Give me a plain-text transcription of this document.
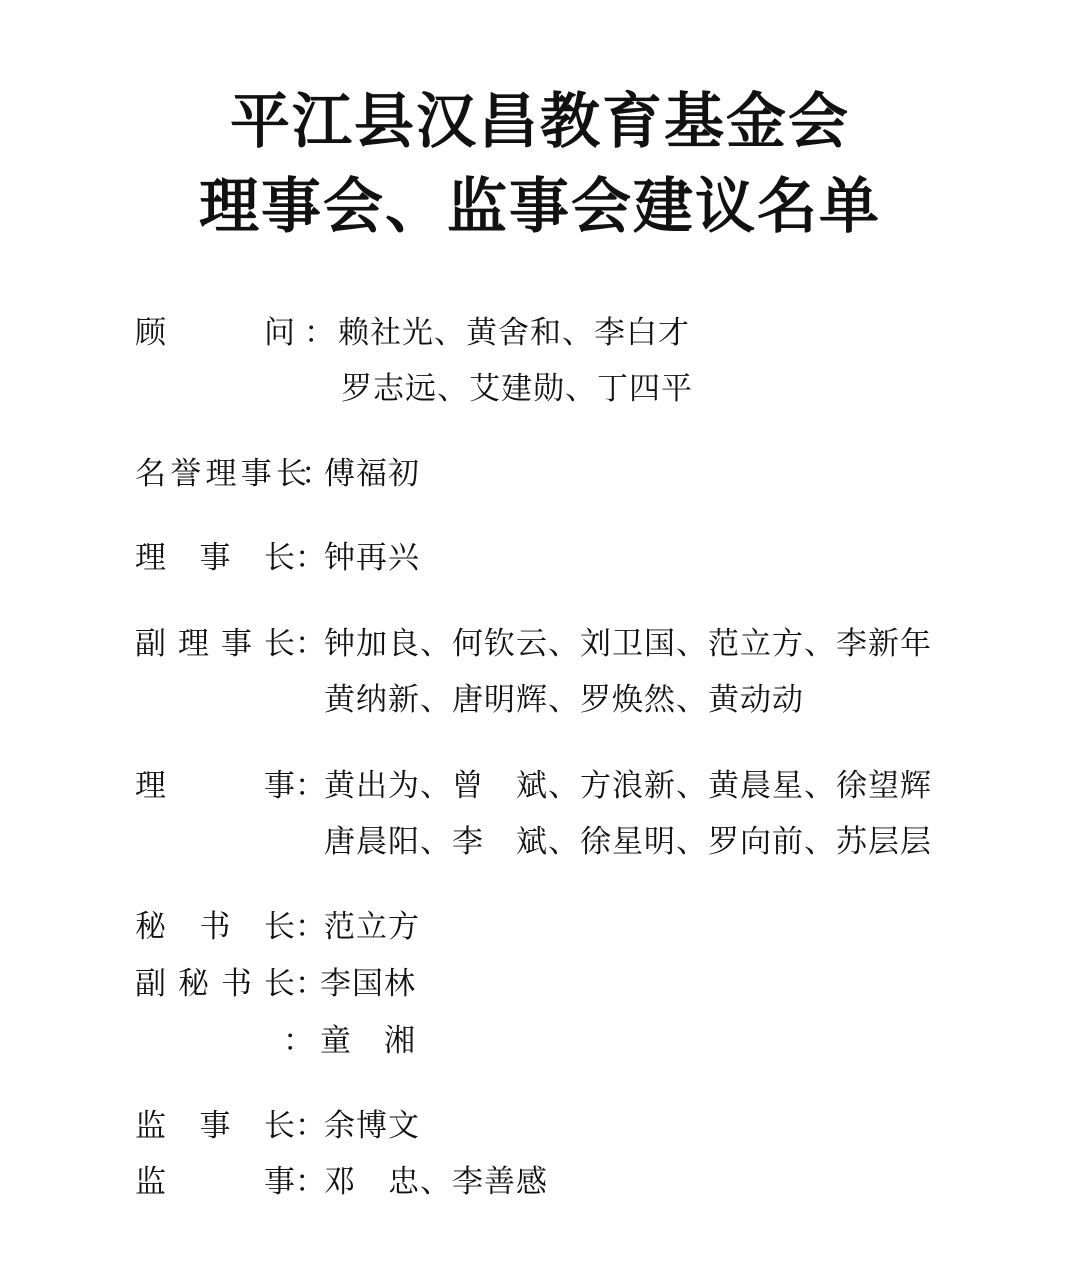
平江县汉昌教育基金会
理事会、监事会建议名单
顾问 ： 赖社光、黄舍和、李白才
罗志远、艾建勋、丁四平
名誉理事长
：
傅福初
理事长 ：
钟再兴
副理事长 ：
钟加良、何钦云、刘卫国、范立方、李新年
黄纳新、唐明辉、罗焕然、黄动动
理事 ：
黄出为、曾　斌、方浪新、黄晨星、徐望辉
唐晨阳、李　斌、徐星明、罗向前、苏层层
秘书长 ：
范立方
副秘书长 ：
李国林
： 童　湘
监事长 ：
余博文
监事 ：
邓　忠、李善感
